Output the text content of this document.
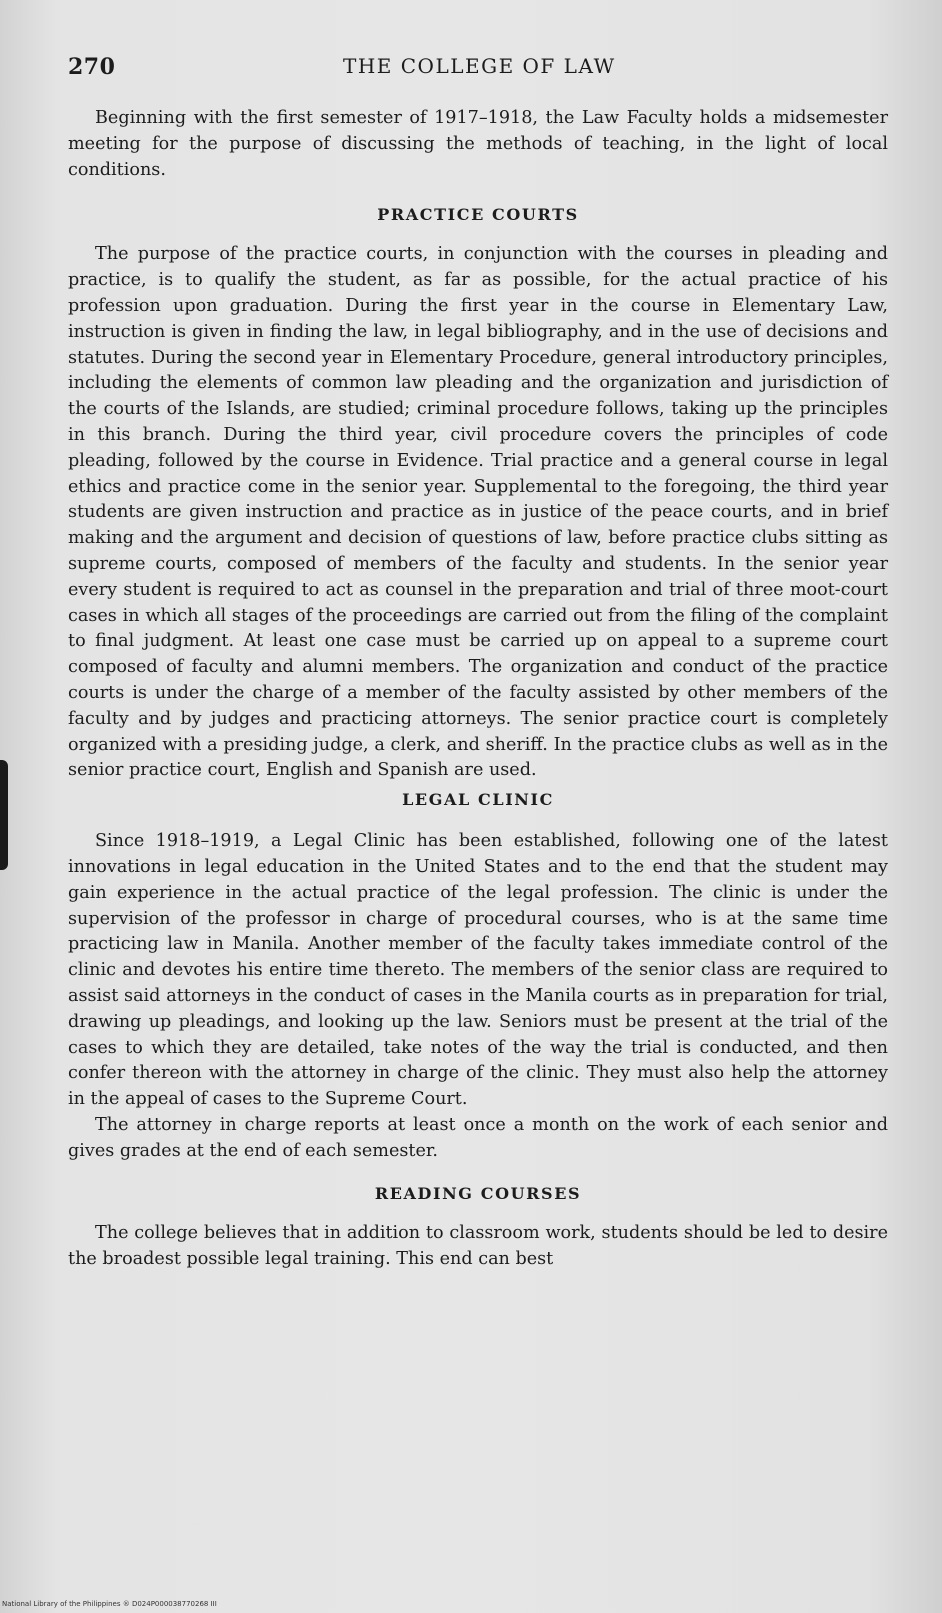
270	THE COLLEGE OF LAW

Beginning with the first semester of 1917–1918, the Law Faculty holds a midsemester meeting for the purpose of discussing the methods of teaching, in the light of local conditions.

PRACTICE COURTS

The purpose of the practice courts, in conjunction with the courses in pleading and practice, is to qualify the student, as far as possible, for the actual practice of his profession upon graduation. During the first year in the course in Elementary Law, instruction is given in finding the law, in legal bibliography, and in the use of decisions and statutes. During the second year in Elementary Procedure, general introductory principles, including the elements of common law pleading and the organization and jurisdiction of the courts of the Islands, are studied; criminal procedure follows, taking up the principles in this branch. During the third year, civil procedure covers the principles of code pleading, followed by the course in Evidence. Trial practice and a general course in legal ethics and practice come in the senior year. Supplemental to the foregoing, the third year students are given instruction and practice as in justice of the peace courts, and in brief making and the argument and decision of questions of law, before practice clubs sitting as supreme courts, composed of members of the faculty and students. In the senior year every student is required to act as counsel in the preparation and trial of three moot-court cases in which all stages of the proceedings are carried out from the filing of the complaint to final judgment. At least one case must be carried up on appeal to a supreme court composed of faculty and alumni members. The organization and conduct of the practice courts is under the charge of a member of the faculty assisted by other members of the faculty and by judges and practicing attorneys. The senior practice court is completely organized with a presiding judge, a clerk, and sheriff. In the practice clubs as well as in the senior practice court, English and Spanish are used.

LEGAL CLINIC

Since 1918–1919, a Legal Clinic has been established, following one of the latest innovations in legal education in the United States and to the end that the student may gain experience in the actual practice of the legal profession. The clinic is under the supervision of the professor in charge of procedural courses, who is at the same time practicing law in Manila. Another member of the faculty takes immediate control of the clinic and devotes his entire time thereto. The members of the senior class are required to assist said attorneys in the conduct of cases in the Manila courts as in preparation for trial, drawing up pleadings, and looking up the law. Seniors must be present at the trial of the cases to which they are detailed, take notes of the way the trial is conducted, and then confer thereon with the attorney in charge of the clinic. They must also help the attorney in the appeal of cases to the Supreme Court.

The attorney in charge reports at least once a month on the work of each senior and gives grades at the end of each semester.

READING COURSES

The college believes that in addition to classroom work, students should be led to desire the broadest possible legal training. This end can best

National Library of the Philippines ® D024P000038770268 III
